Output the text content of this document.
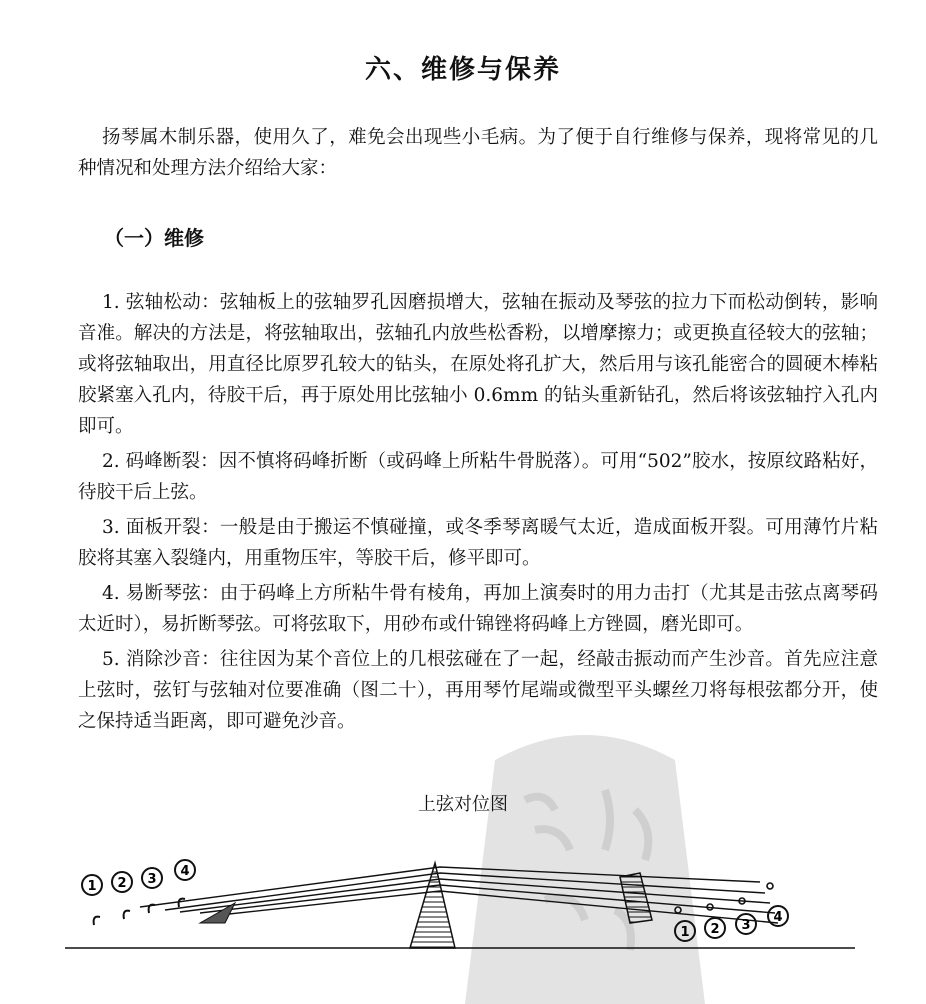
六、维修与保养

扬琴属木制乐器，使用久了，难免会出现些小毛病。为了便于自行维修与保养，现将常见的几种情况和处理方法介绍给大家：

（一）维修

1. 弦轴松动：弦轴板上的弦轴罗孔因磨损增大，弦轴在振动及琴弦的拉力下而松动倒转，影响音准。解决的方法是，将弦轴取出，弦轴孔内放些松香粉，以增摩擦力；或更换直径较大的弦轴；或将弦轴取出，用直径比原罗孔较大的钻头，在原处将孔扩大，然后用与该孔能密合的圆硬木棒粘胶紧塞入孔内，待胶干后，再于原处用比弦轴小 0.6mm 的钻头重新钻孔，然后将该弦轴拧入孔内即可。

2. 码峰断裂：因不慎将码峰折断（或码峰上所粘牛骨脱落）。可用“502”胶水，按原纹路粘好，待胶干后上弦。

3. 面板开裂：一般是由于搬运不慎碰撞，或冬季琴离暖气太近，造成面板开裂。可用薄竹片粘胶将其塞入裂缝内，用重物压牢，等胶干后，修平即可。

4. 易断琴弦：由于码峰上方所粘牛骨有棱角，再加上演奏时的用力击打（尤其是击弦点离琴码太近时），易折断琴弦。可将弦取下，用砂布或什锦锉将码峰上方锉圆，磨光即可。

5. 消除沙音：往往因为某个音位上的几根弦碰在了一起，经敲击振动而产生沙音。首先应注意上弦时，弦钉与弦轴对位要准确（图二十），再用琴竹尾端或微型平头螺丝刀将每根弦都分开，使之保持适当距离，即可避免沙音。

上弦对位图
1 2 3
4
1 2 3
4
